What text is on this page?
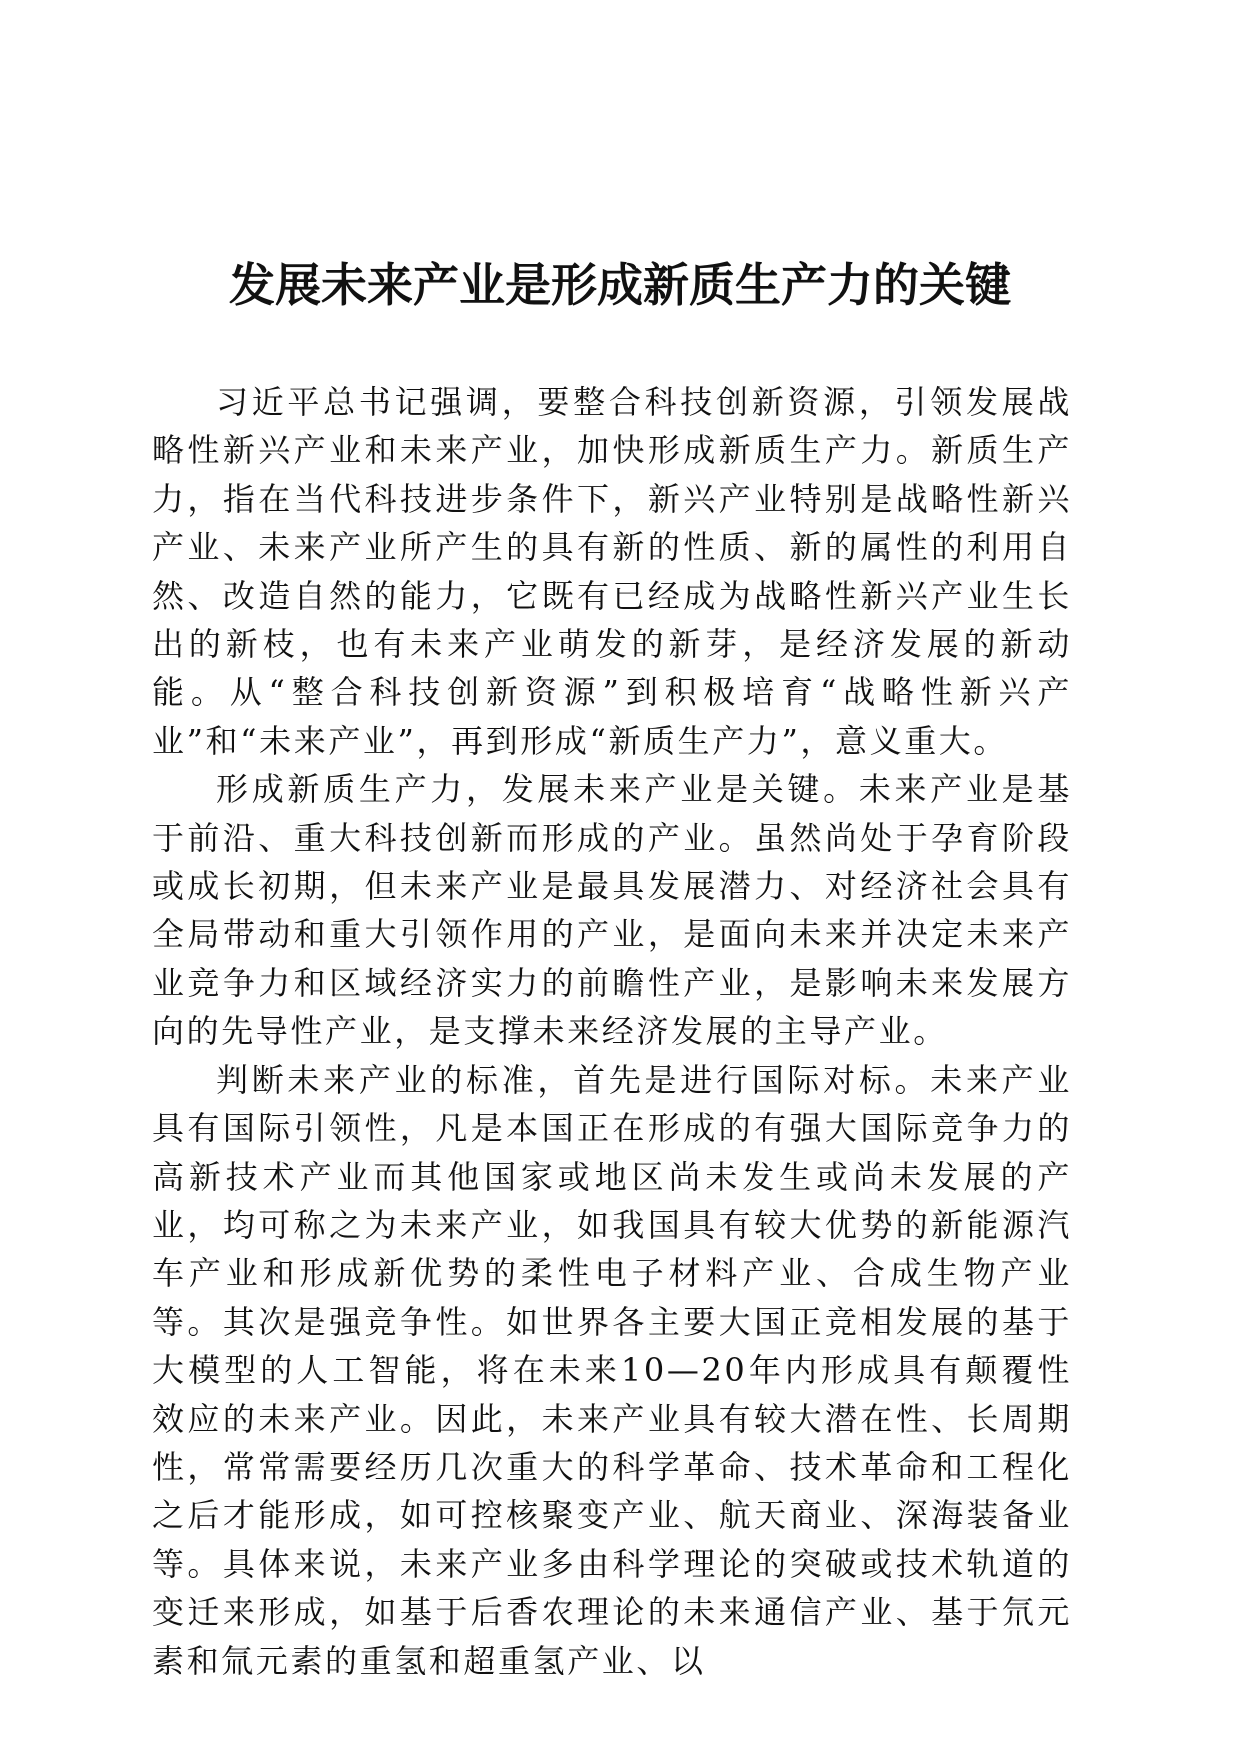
发展未来产业是形成新质生产力的关键

习近平总书记强调，要整合科技创新资源，引领发展战略性新兴产业和未来产业，加快形成新质生产力。新质生产力，指在当代科技进步条件下，新兴产业特别是战略性新兴产业、未来产业所产生的具有新的性质、新的属性的利用自然、改造自然的能力，它既有已经成为战略性新兴产业生长出的新枝，也有未来产业萌发的新芽，是经济发展的新动能。从“整合科技创新资源”到积极培育“战略性新兴产业”和“未来产业”，再到形成“新质生产力”，意义重大。

形成新质生产力，发展未来产业是关键。未来产业是基于前沿、重大科技创新而形成的产业。虽然尚处于孕育阶段或成长初期，但未来产业是最具发展潜力、对经济社会具有全局带动和重大引领作用的产业，是面向未来并决定未来产业竞争力和区域经济实力的前瞻性产业，是影响未来发展方向的先导性产业，是支撑未来经济发展的主导产业。

判断未来产业的标准，首先是进行国际对标。未来产业具有国际引领性，凡是本国正在形成的有强大国际竞争力的高新技术产业而其他国家或地区尚未发生或尚未发展的产业，均可称之为未来产业，如我国具有较大优势的新能源汽车产业和形成新优势的柔性电子材料产业、合成生物产业等。其次是强竞争性。如世界各主要大国正竞相发展的基于大模型的人工智能，将在未来10—20年内形成具有颠覆性效应的未来产业。因此，未来产业具有较大潜在性、长周期性，常常需要经历几次重大的科学革命、技术革命和工程化之后才能形成，如可控核聚变产业、航天商业、深海装备业等。具体来说，未来产业多由科学理论的突破或技术轨道的变迁来形成，如基于后香农理论的未来通信产业、基于氘元素和氚元素的重氢和超重氢产业、以
